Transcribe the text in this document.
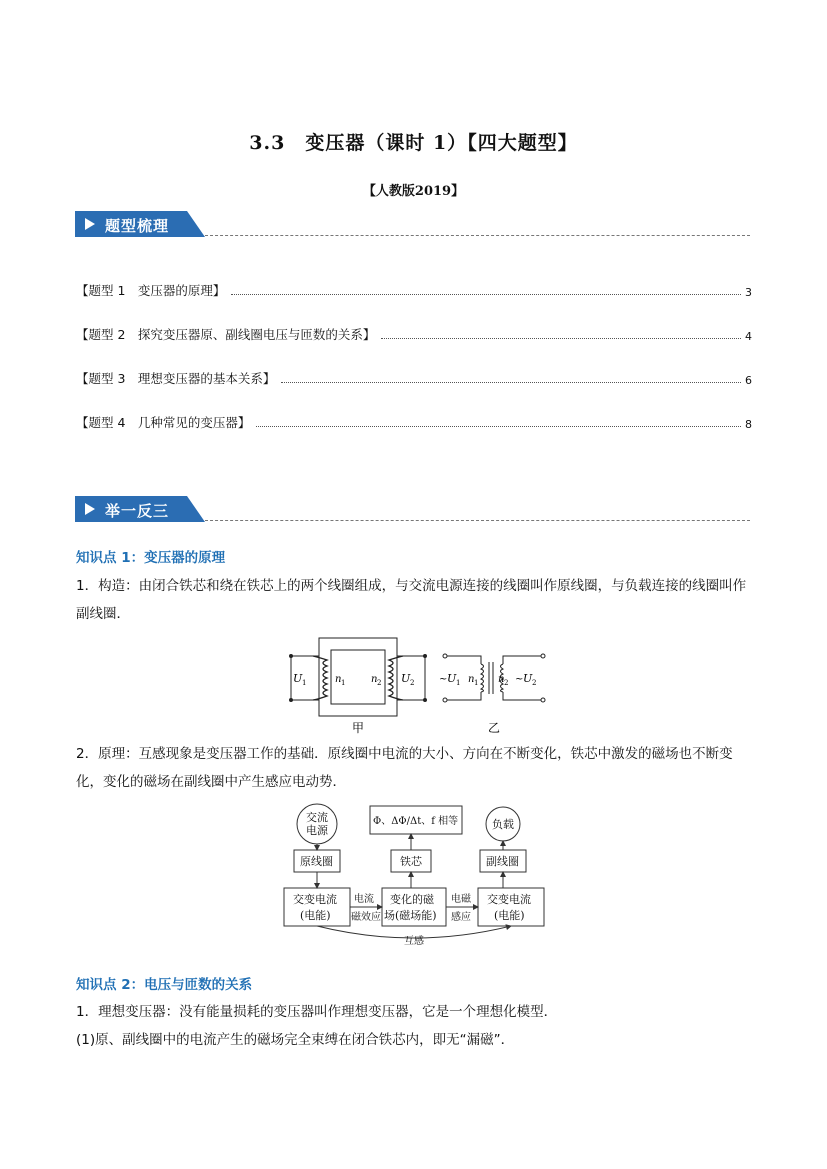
3.3　变压器（课时 1）【四大题型】
【人教版2019】
题型梳理
【题型 1　变压器的原理】	3
【题型 2　探究变压器原、副线圈电压与匝数的关系】	4
【题型 3　理想变压器的基本关系】	6
【题型 4　几种常见的变压器】	8
举一反三
知识点 1：变压器的原理
1．构造：由闭合铁芯和绕在铁芯上的两个线圈组成，与交流电源连接的线圈叫作原线圈，与负载连接的线圈叫作副线圈．
U 1	U 2
n 1	n 2
甲
~ U 1 n 1 n 2 ~ U 2
乙
2．原理：互感现象是变压器工作的基础．原线圈中电流的大小、方向在不断变化，铁芯中激发的磁场也不断变化，变化的磁场在副线圈中产生感应电动势．
交流
电源
Φ、ΔΦ/Δt、f 相等	负载
原线圈	铁芯	副线圈
交变电流
(电能)
变化的磁
场(磁场能)
交变电流
(电能)
电流
磁效应
电磁
感应
互感
知识点 2：电压与匝数的关系
1．理想变压器：没有能量损耗的变压器叫作理想变压器，它是一个理想化模型．
(1)原、副线圈中的电流产生的磁场完全束缚在闭合铁芯内，即无“漏磁”．
